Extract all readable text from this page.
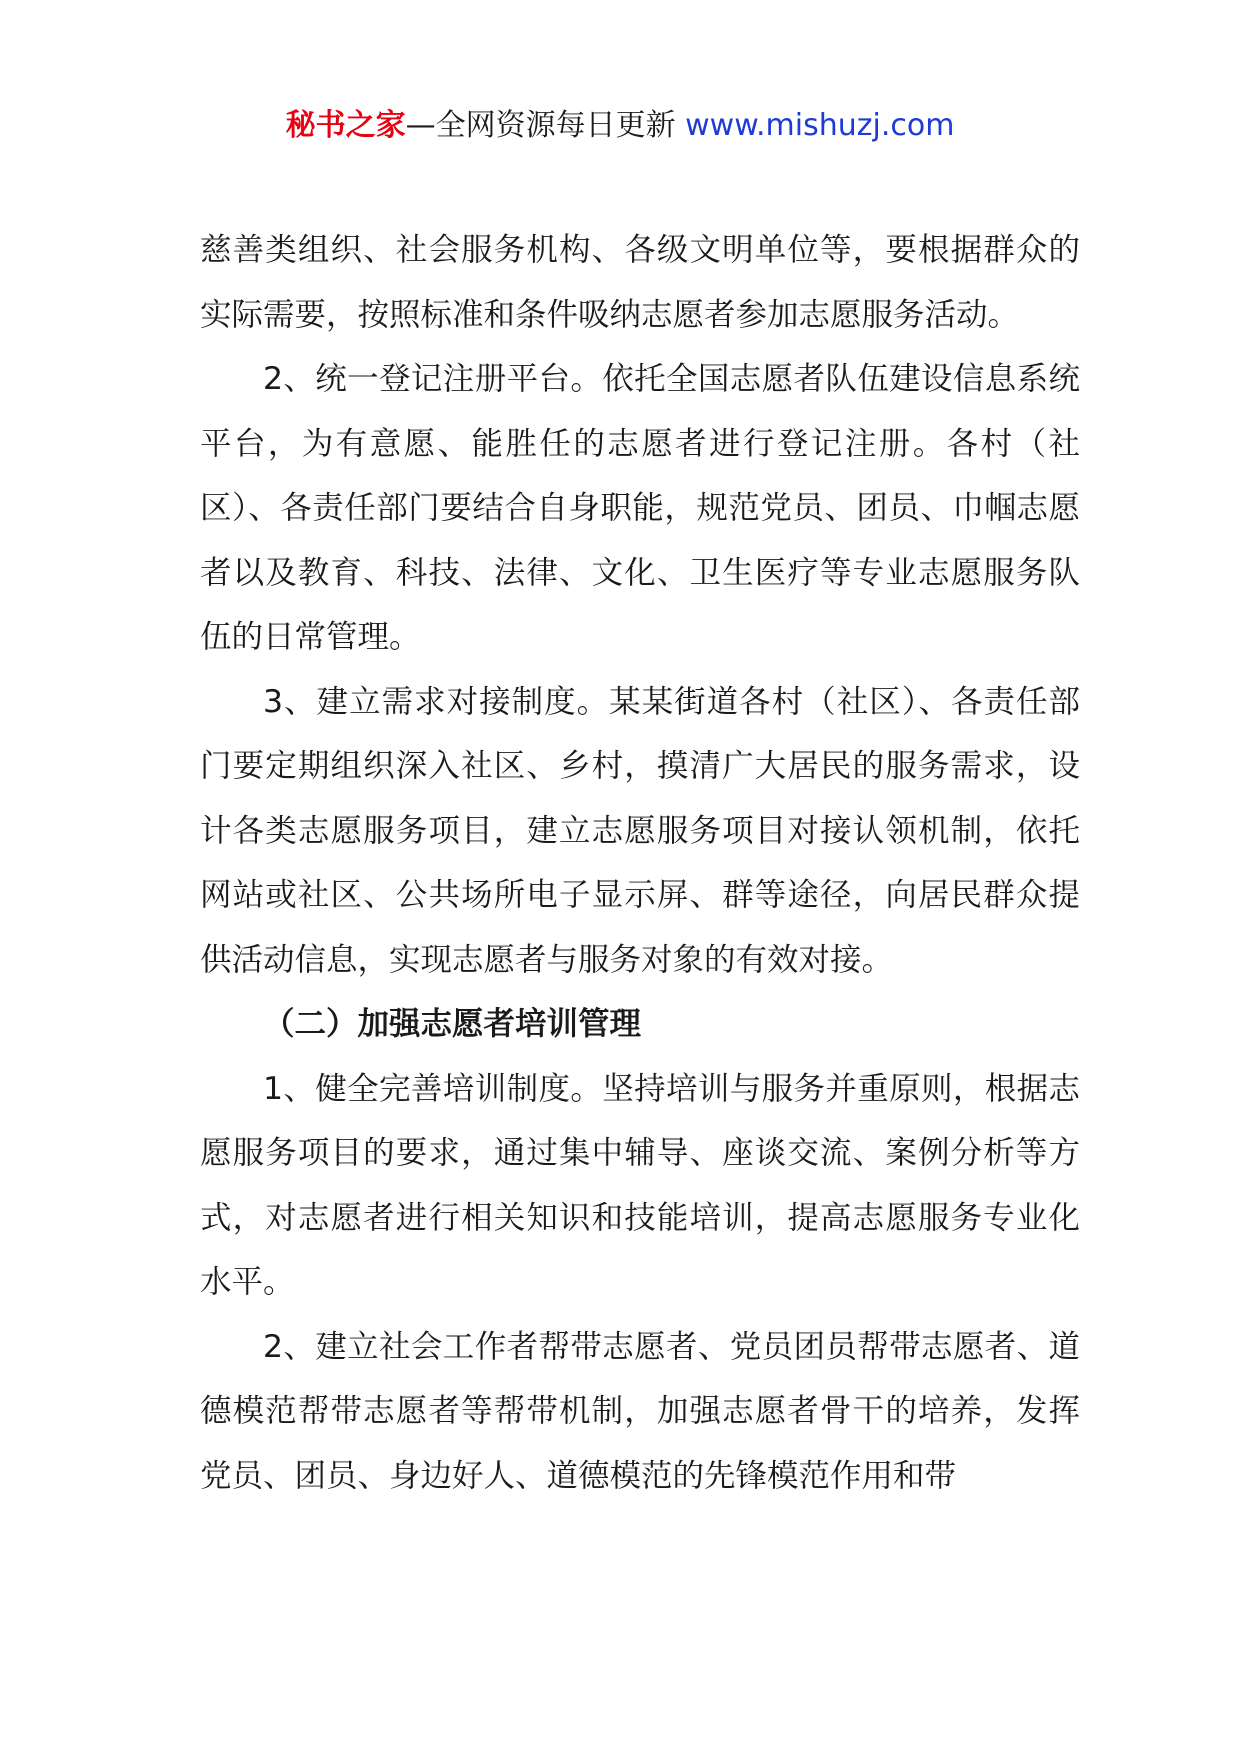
秘书之家—全网资源每日更新 www.mishuzj.com

慈善类组织、社会服务机构、各级文明单位等，要根据群众的实际需要，按照标准和条件吸纳志愿者参加志愿服务活动。

2、统一登记注册平台。依托全国志愿者队伍建设信息系统平台，为有意愿、能胜任的志愿者进行登记注册。各村（社区）、各责任部门要结合自身职能，规范党员、团员、巾帼志愿者以及教育、科技、法律、文化、卫生医疗等专业志愿服务队伍的日常管理。

3、建立需求对接制度。某某街道各村（社区）、各责任部门要定期组织深入社区、乡村，摸清广大居民的服务需求，设计各类志愿服务项目，建立志愿服务项目对接认领机制，依托网站或社区、公共场所电子显示屏、群等途径，向居民群众提供活动信息，实现志愿者与服务对象的有效对接。

（二）加强志愿者培训管理

1、健全完善培训制度。坚持培训与服务并重原则，根据志愿服务项目的要求，通过集中辅导、座谈交流、案例分析等方式，对志愿者进行相关知识和技能培训，提高志愿服务专业化水平。

2、建立社会工作者帮带志愿者、党员团员帮带志愿者、道德模范帮带志愿者等帮带机制，加强志愿者骨干的培养，发挥党员、团员、身边好人、道德模范的先锋模范作用和带
